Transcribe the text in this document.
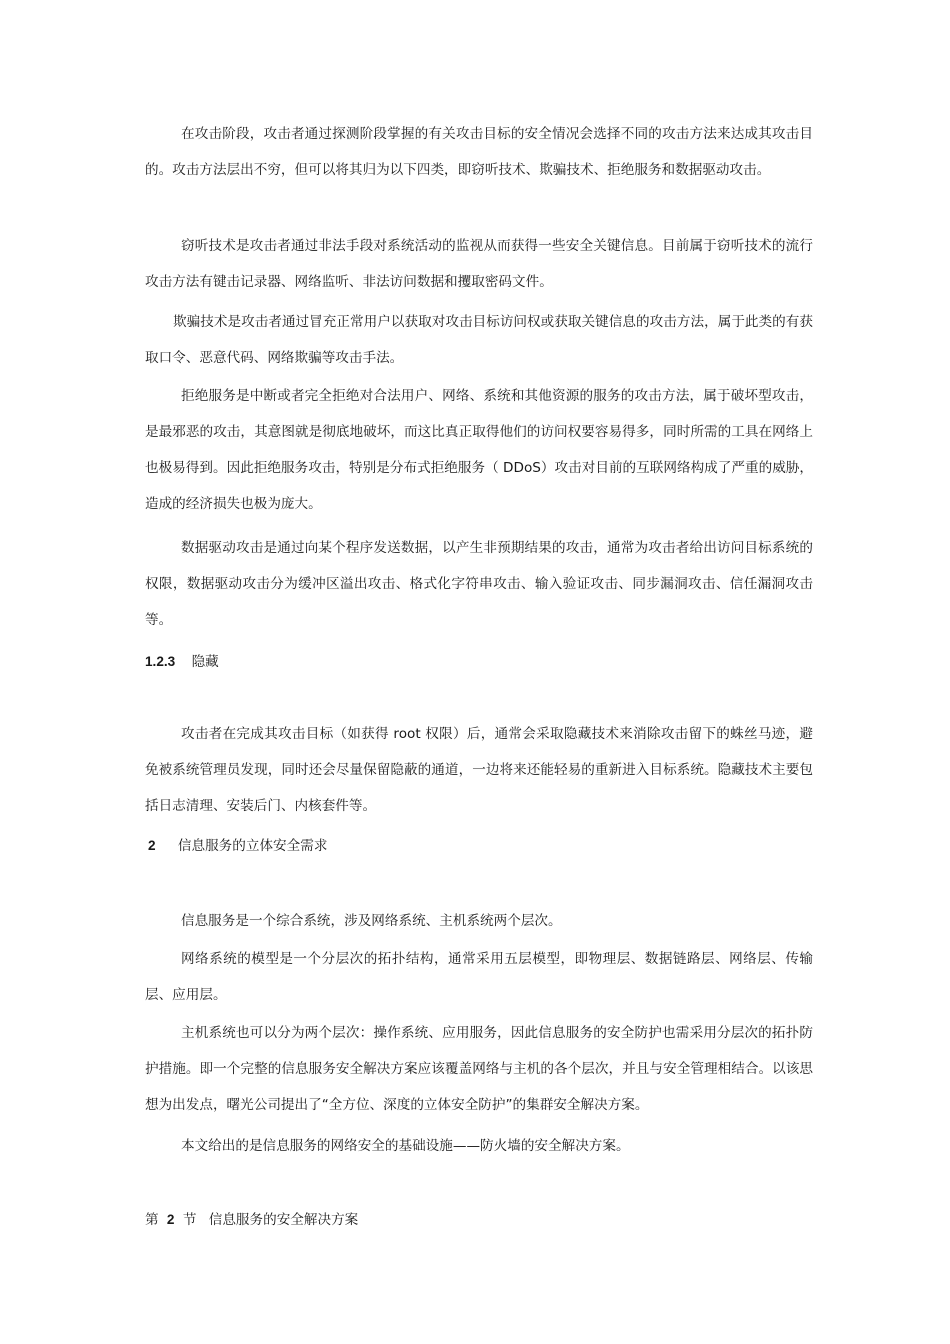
在攻击阶段，攻击者通过探测阶段掌握的有关攻击目标的安全情况会选择不同的攻击方法来达成其攻击目的。攻击方法层出不穷，但可以将其归为以下四类，即窃听技术、欺骗技术、拒绝服务和数据驱动攻击。

窃听技术是攻击者通过非法手段对系统活动的监视从而获得一些安全关键信息。目前属于窃听技术的流行攻击方法有键击记录器、网络监听、非法访问数据和攫取密码文件。

欺骗技术是攻击者通过冒充正常用户以获取对攻击目标访问权或获取关键信息的攻击方法，属于此类的有获取口令、恶意代码、网络欺骗等攻击手法。

拒绝服务是中断或者完全拒绝对合法用户、网络、系统和其他资源的服务的攻击方法，属于破坏型攻击，是最邪恶的攻击，其意图就是彻底地破坏，而这比真正取得他们的访问权要容易得多，同时所需的工具在网络上也极易得到。因此拒绝服务攻击，特别是分布式拒绝服务（ DDoS）攻击对目前的互联网络构成了严重的威胁，造成的经济损失也极为庞大。

数据驱动攻击是通过向某个程序发送数据，以产生非预期结果的攻击，通常为攻击者给出访问目标系统的权限，数据驱动攻击分为缓冲区溢出攻击、格式化字符串攻击、输入验证攻击、同步漏洞攻击、信任漏洞攻击等。

1.2.3 隐藏

攻击者在完成其攻击目标（如获得 root 权限）后，通常会采取隐藏技术来消除攻击留下的蛛丝马迹，避免被系统管理员发现，同时还会尽量保留隐蔽的通道，一边将来还能轻易的重新进入目标系统。隐藏技术主要包括日志清理、安装后门、内核套件等。

2 信息服务的立体安全需求

信息服务是一个综合系统，涉及网络系统、主机系统两个层次。

网络系统的模型是一个分层次的拓扑结构，通常采用五层模型，即物理层、数据链路层、网络层、传输层、应用层。

主机系统也可以分为两个层次：操作系统、应用服务，因此信息服务的安全防护也需采用分层次的拓扑防护措施。即一个完整的信息服务安全解决方案应该覆盖网络与主机的各个层次，并且与安全管理相结合。以该思想为出发点，曙光公司提出了“全方位、深度的立体安全防护”的集群安全解决方案。

本文给出的是信息服务的网络安全的基础设施——防火墙的安全解决方案。

第 2 节 信息服务的安全解决方案
